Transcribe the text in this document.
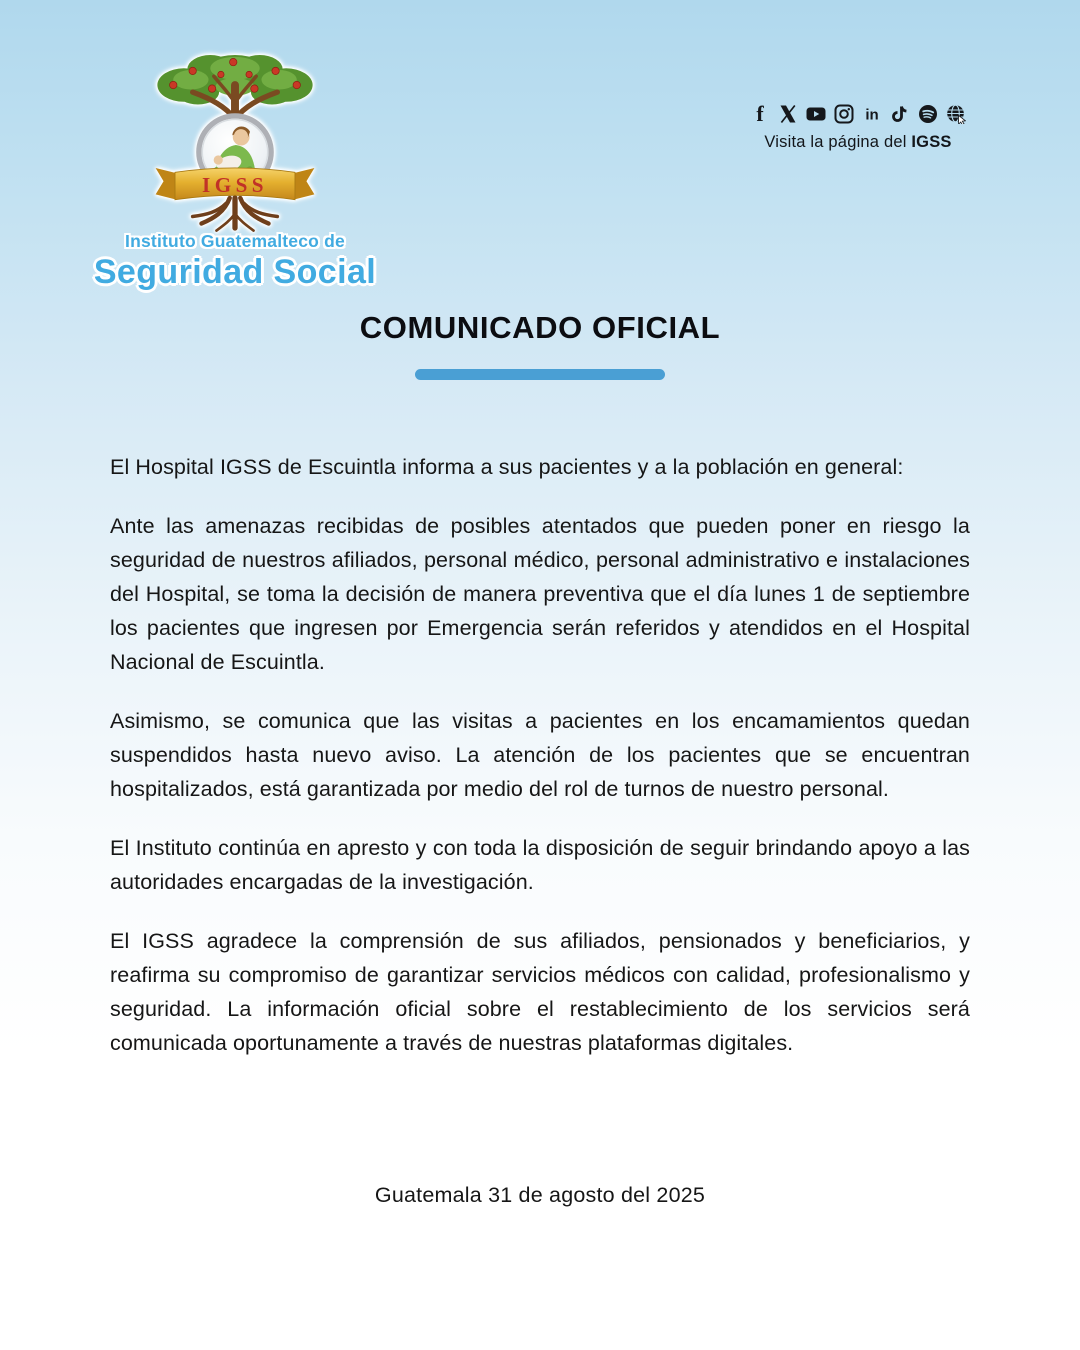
IGSS
Instituto Guatemalteco de
Seguridad Social
f	in
Visita la página del IGSS
COMUNICADO OFICIAL

El Hospital IGSS de Escuintla informa a sus pacientes y a la población en general:

Ante las amenazas recibidas de posibles atentados que pueden poner en riesgo la seguridad de nuestros afiliados, personal médico, personal administrativo e instalaciones del Hospital, se toma la decisión de manera preventiva que el día lunes 1 de septiembre los pacientes que ingresen por Emergencia serán referidos y atendidos en el Hospital Nacional de Escuintla.

Asimismo, se comunica que las visitas a pacientes en los encamamientos quedan suspendidos hasta nuevo aviso. La atención de los pacientes que se encuentran hospitalizados, está garantizada por medio del rol de turnos de nuestro personal.

El Instituto continúa en apresto y con toda la disposición de seguir brindando apoyo a las autoridades encargadas de la investigación.

El IGSS agradece la comprensión de sus afiliados, pensionados y beneficiarios, y reafirma su compromiso de garantizar servicios médicos con calidad, profesionalismo y seguridad. La información oficial sobre el restablecimiento de los servicios será comunicada oportunamente a través de nuestras plataformas digitales.

Guatemala 31 de agosto del 2025
